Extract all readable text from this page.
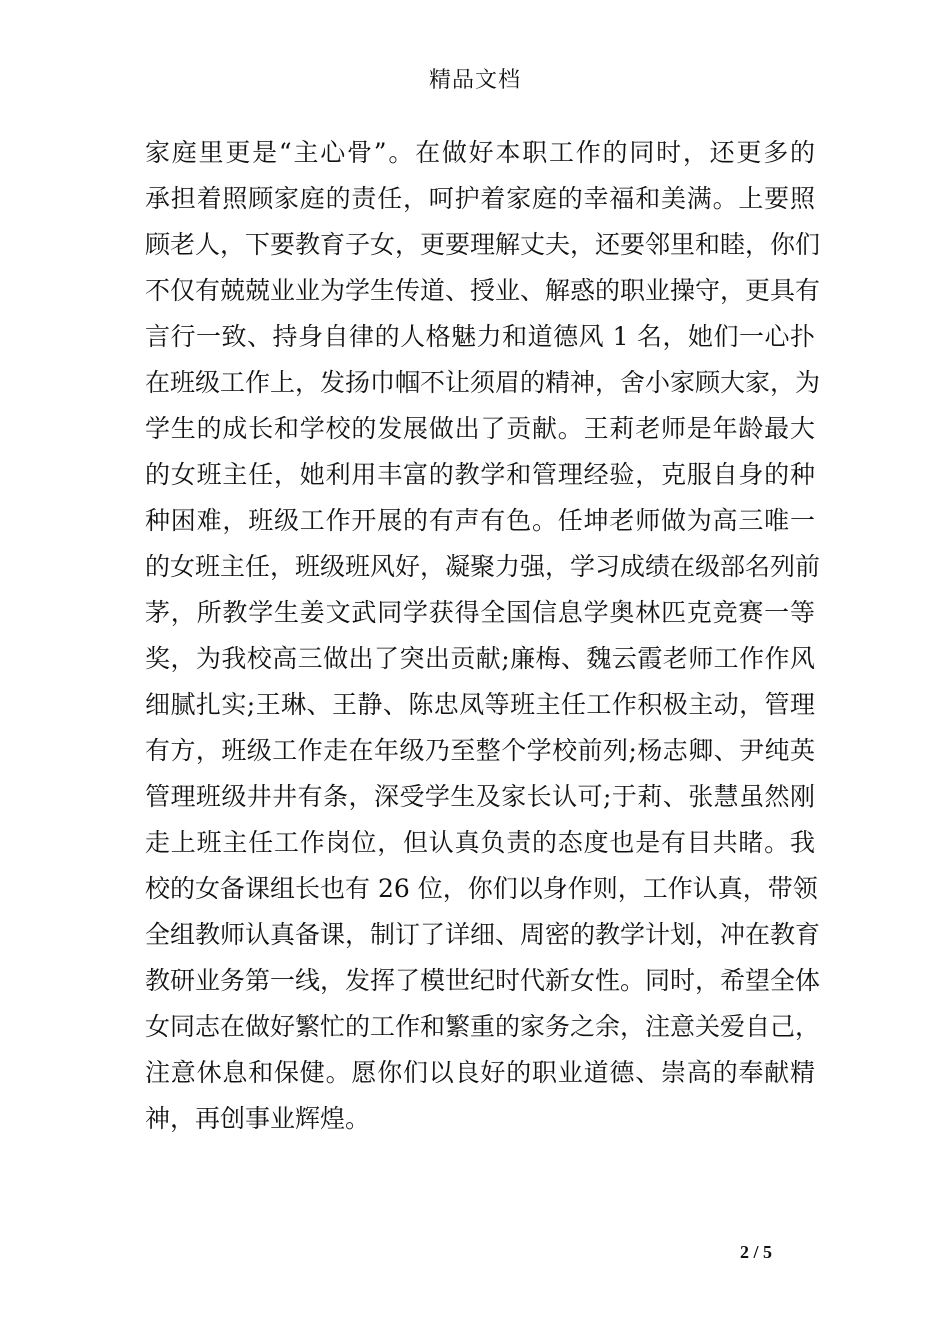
精品文档
家庭里更是“主心骨”。在做好本职工作的同时，还更多的
承担着照顾家庭的责任，呵护着家庭的幸福和美满。上要照
顾老人，下要教育子女，更要理解丈夫，还要邻里和睦，你们
不仅有兢兢业业为学生传道、授业、解惑的职业操守，更具有
言行一致、持身自律的人格魅力和道德风 1 名，她们一心扑
在班级工作上，发扬巾帼不让须眉的精神，舍小家顾大家，为
学生的成长和学校的发展做出了贡献。王莉老师是年龄最大
的女班主任，她利用丰富的教学和管理经验，克服自身的种
种困难，班级工作开展的有声有色。任坤老师做为高三唯一
的女班主任，班级班风好，凝聚力强，学习成绩在级部名列前
茅，所教学生姜文武同学获得全国信息学奥林匹克竞赛一等
奖，为我校高三做出了突出贡献;廉梅、魏云霞老师工作作风
细腻扎实;王琳、王静、陈忠凤等班主任工作积极主动，管理
有方，班级工作走在年级乃至整个学校前列;杨志卿、尹纯英
管理班级井井有条，深受学生及家长认可;于莉、张慧虽然刚
走上班主任工作岗位，但认真负责的态度也是有目共睹。我
校的女备课组长也有 26 位，你们以身作则，工作认真，带领
全组教师认真备课，制订了详细、周密的教学计划，冲在教育
教研业务第一线，发挥了模世纪时代新女性。同时，希望全体
女同志在做好繁忙的工作和繁重的家务之余，注意关爱自己，
注意休息和保健。愿你们以良好的职业道德、崇高的奉献精
神，再创事业辉煌。
2 / 5
